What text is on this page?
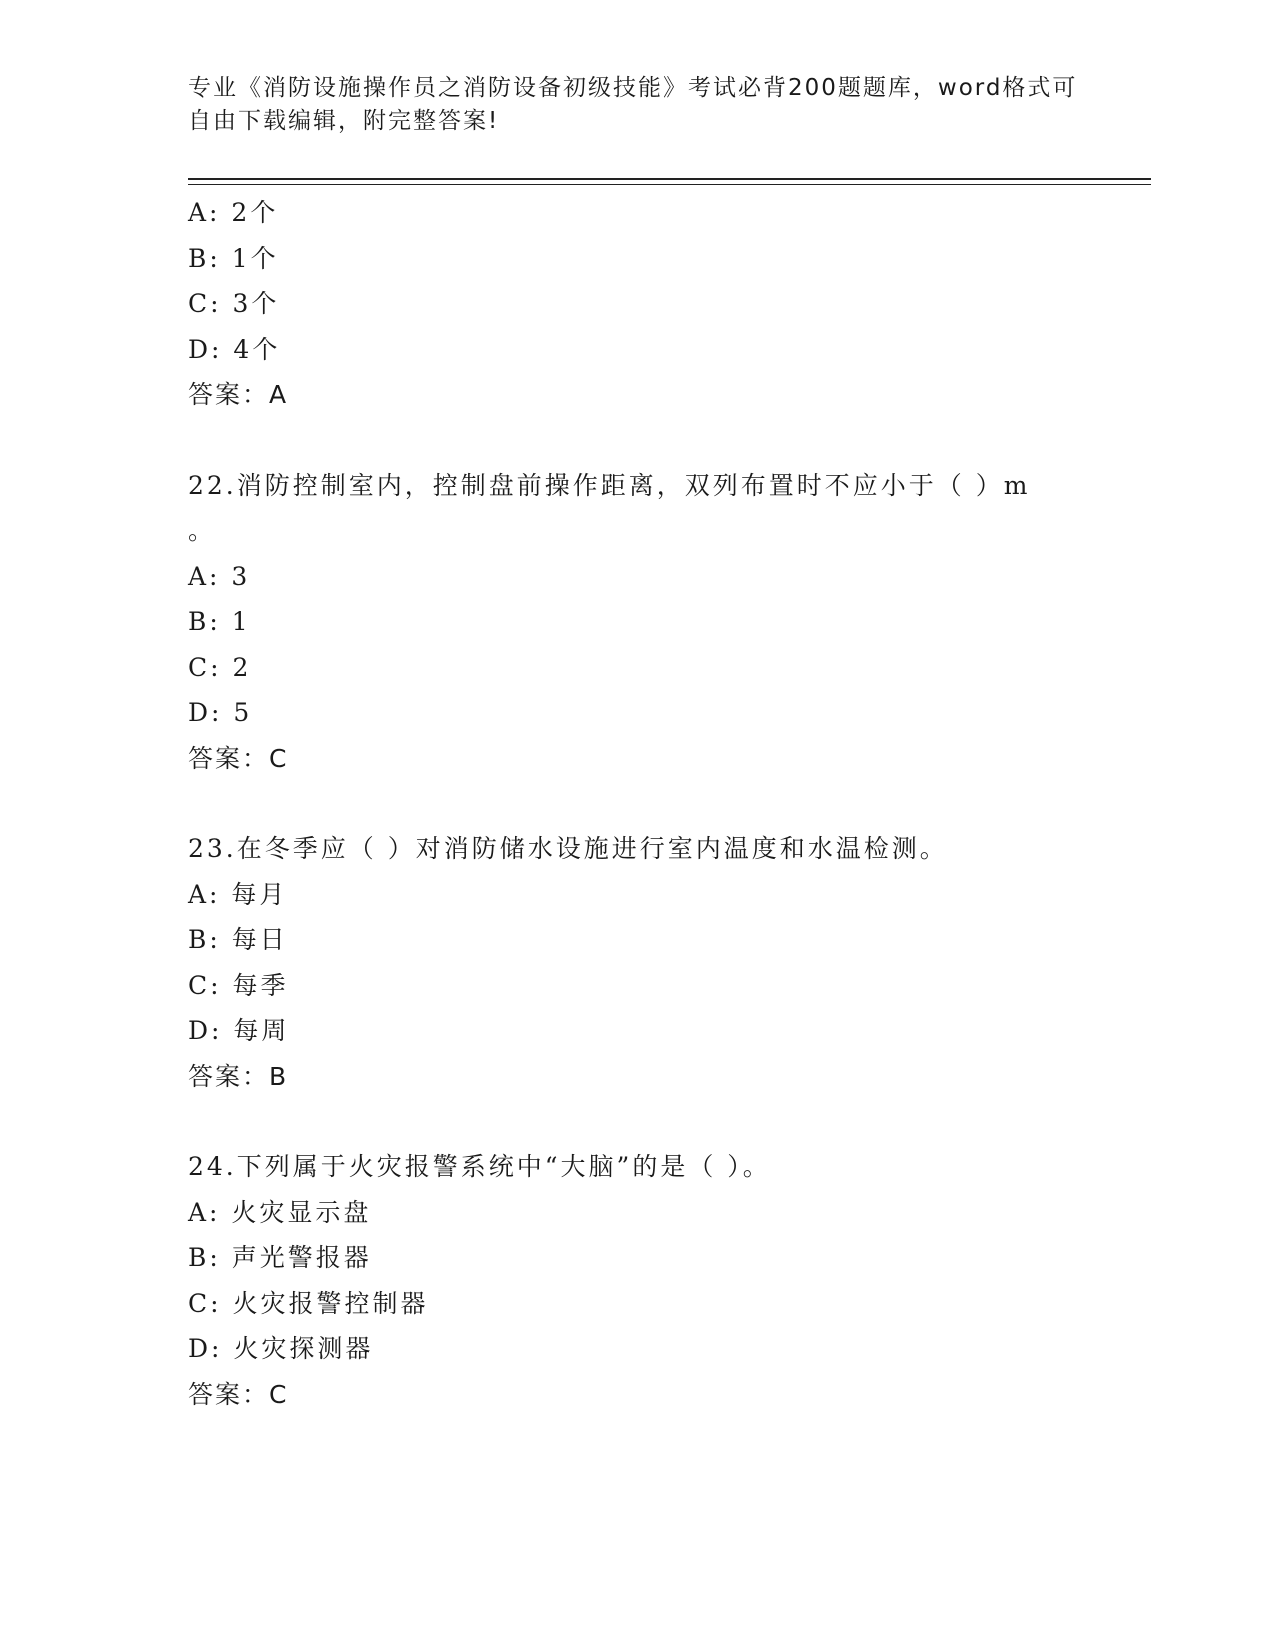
专业《消防设施操作员之消防设备初级技能》考试必背200题题库，word格式可
自由下载编辑，附完整答案!
A: 2个
B: 1个
C: 3个
D: 4个
答案：A
22.消防控制室内，控制盘前操作距离，双列布置时不应小于（ ）m
。
A: 3
B: 1
C: 2
D: 5
答案：C
23.在冬季应（ ）对消防储水设施进行室内温度和水温检测。
A: 每月
B: 每日
C: 每季
D: 每周
答案：B
24.下列属于火灾报警系统中“大脑”的是（ ）。
A: 火灾显示盘
B: 声光警报器
C: 火灾报警控制器
D: 火灾探测器
答案：C
